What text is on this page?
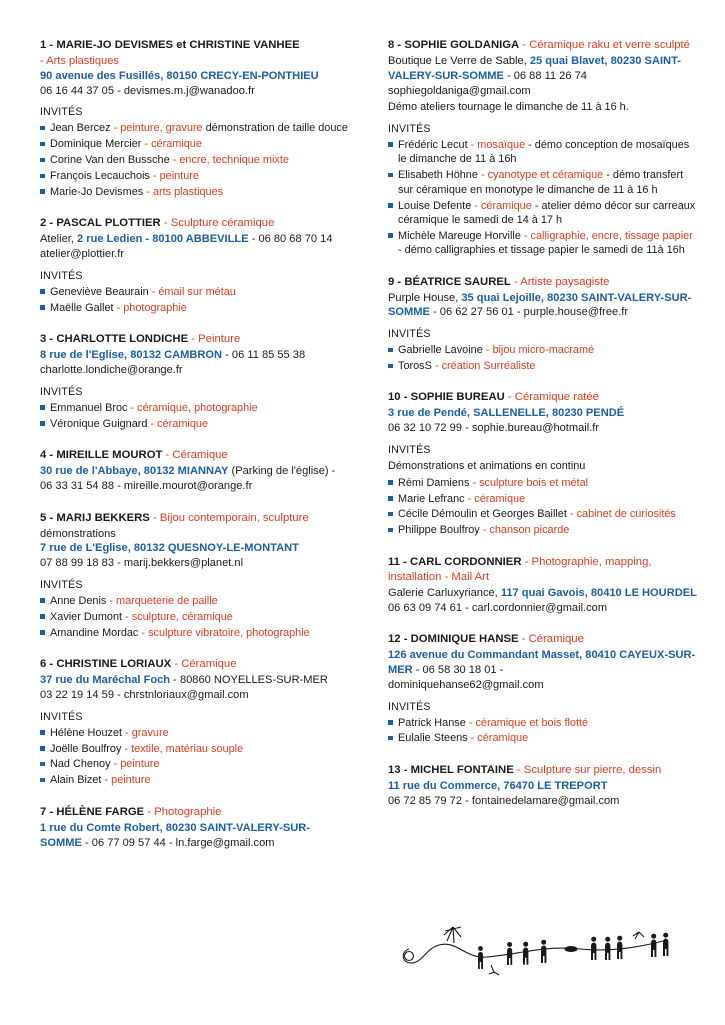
1 - MARIE-JO DEVISMES et CHRISTINE VANHEE
- Arts plastiques
90 avenue des Fusillés, 80150 CRECY-EN-PONTHIEU
06 16 44 37 05 - devismes.m.j@wanadoo.fr
INVITÉS
Jean Bercez - peinture, gravure démonstration de taille douce
Dominique Mercier - céramique
Corine Van den Bussche - encre, technique mixte
François Lecauchois - peinture
Marie-Jo Devismes - arts plastiques
2 - PASCAL PLOTTIER - Sculpture céramique
Atelier, 2 rue Ledien - 80100 ABBEVILLE - 06 80 68 70 14
atelier@plottier.fr
INVITÉS
Geneviève Beaurain - émail sur métau
Maëlle Gallet - photographie
3 - CHARLOTTE LONDICHE - Peinture
8 rue de l'Eglise, 80132 CAMBRON - 06 11 85 55 38
charlotte.londiche@orange.fr
INVITÉS
Emmanuel Broc - céramique, photographie
Véronique Guignard - céramique
4 - MIREILLE MOUROT - Céramique
30 rue de l'Abbaye, 80132 MIANNAY (Parking de l'église) - 06 33 31 54 88 - mireille.mourot@orange.fr
5 - MARIJ BEKKERS - Bijou contemporain, sculpture
démonstrations
7 rue de L'Eglise, 80132 QUESNOY-LE-MONTANT
07 88 99 18 83 - marij.bekkers@planet.nl
INVITÉS
Anne Denis - marqueterie de paille
Xavier Dumont - sculpture, céramique
Amandine Mordac - sculpture vibratoire, photographie
6 - CHRISTINE LORIAUX - Céramique
37 rue du Maréchal Foch - 80860 NOYELLES-SUR-MER
03 22 19 14 59 - chrstnloriaux@gmail.com
INVITÉS
Hélène Houzet - gravure
Joëlle Boulfroy - textile, matériau souple
Nad Chenoy - peinture
Alain Bizet - peinture
7 - HÉLÈNE FARGE - Photographie
1 rue du Comte Robert, 80230 SAINT-VALERY-SUR-SOMME - 06 77 09 57 44 - ln.farge@gmail.com
8 - SOPHIE GOLDANIGA - Céramique raku et verre sculpté
Boutique Le Verre de Sable, 25 quai Blavet, 80230 SAINT-VALERY-SUR-SOMME - 06 88 11 26 74
sophiegoldaniga@gmail.com
Démo ateliers tournage le dimanche de 11 à 16 h.
INVITÉS
Frédéric Lecut - mosaïque - démo conception de mosaïques le dimanche de 11 à 16h
Elisabeth Höhne - cyanotype et céramique - démo transfert sur céramique en monotype le dimanche de 11 à 16 h
Louise Defente - céramique - atelier démo décor sur carreaux céramique le samedi de 14 à 17 h
Michèle Mareuge Horville - calligraphie, encre, tissage papier - démo calligraphies et tissage papier le samedi de 11à 16h
9 - BÉATRICE SAUREL - Artiste paysagiste
Purple House, 35 quai Lejoille, 80230 SAINT-VALERY-SUR-SOMME - 06 62 27 56 01 - purple.house@free.fr
INVITÉS
Gabrielle Lavoine - bijou micro-macramé
TorosS - création Surréaliste
10 - SOPHIE BUREAU - Céramique ratée
3 rue de Pendé, SALLENELLE, 80230 PENDÉ
06 32 10 72 99 - sophie.bureau@hotmail.fr
INVITÉS
Démonstrations et animations en continu
Rémi Damiens - sculpture bois et métal
Marie Lefranc - céramique
Cécile Démoulin et Georges Baillet - cabinet de curiosités
Philippe Boulfroy - chanson picarde
11 - CARL CORDONNIER - Photographie, mapping, installation - Mail Art
Galerie Carluxyriance, 117 quai Gavois, 80410 LE HOURDEL
06 63 09 74 61 - carl.cordonnier@gmail.com
12 - DOMINIQUE HANSE - Céramique
126 avenue du Commandant Masset, 80410 CAYEUX-SUR-MER - 06 58 30 18 01 -
dominiquehanse62@gmail.com
INVITÉS
Patrick Hanse - céramique et bois flotté
Eulalie Steens - céramique
13 - MICHEL FONTAINE - Sculpture sur pierre, dessin
11 rue du Commerce, 76470 LE TREPORT
06 72 85 79 72 - fontainedelamare@gmail.com
